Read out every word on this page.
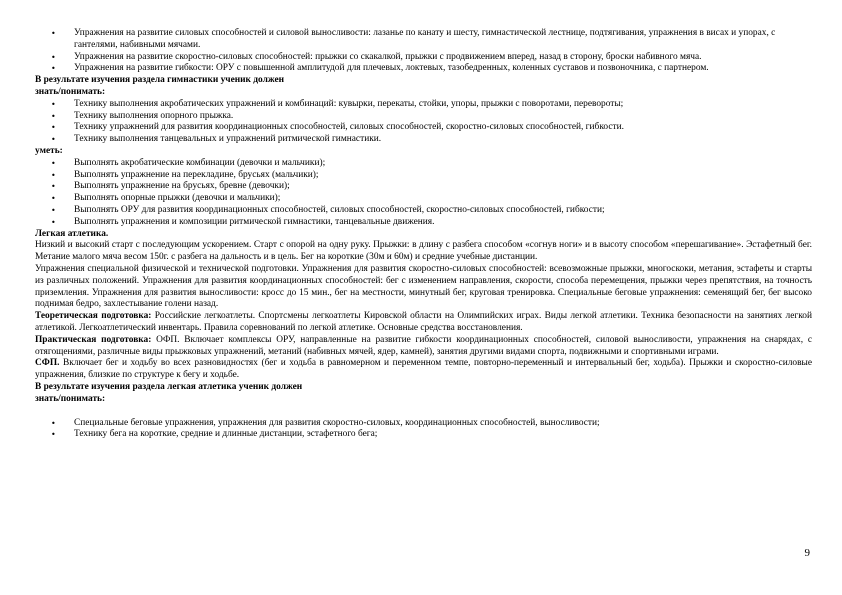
• Упражнения на развитие силовых способностей и силовой выносливости: лазанье по канату и шесту, гимнастической лестнице, подтягивания, упражнения в висах и упорах, с гантелями, набивными мячами.
• Упражнения на развитие скоростно-силовых способностей: прыжки со скакалкой, прыжки с продвижением вперед, назад в сторону, броски набивного мяча.
• Упражнения на развитие гибкости: ОРУ с повышенной амплитудой для плечевых, локтевых, тазобедренных, коленных суставов и позвоночника, с партнером.
В результате изучения раздела гимнастики ученик должен
знать/понимать:
• Технику выполнения акробатических упражнений и комбинаций: кувырки, перекаты, стойки, упоры, прыжки с поворотами, перевороты;
• Технику выполнения опорного прыжка.
• Технику упражнений для развития координационных способностей, силовых способностей, скоростно-силовых способностей, гибкости.
• Технику выполнения танцевальных и упражнений ритмической гимнастики.
уметь:
• Выполнять акробатические комбинации (девочки и мальчики);
• Выполнять упражнение на перекладине, брусьях (мальчики);
• Выполнять упражнение на брусьях, бревне (девочки);
• Выполнять опорные прыжки (девочки и мальчики);
• Выполнять ОРУ для развития координационных способностей, силовых способностей, скоростно-силовых способностей, гибкости;
• Выполнять упражнения и композиции ритмической гимнастики, танцевальные движения.
Легкая атлетика.

Низкий и высокий старт с последующим ускорением. Старт с опорой на одну руку. Прыжки: в длину с разбега способом «согнув ноги» и в высоту способом «перешагивание». Эстафетный бег. Метание малого мяча весом 150г. с разбега на дальность и в цель. Бег на короткие (30м и 60м) и средние учебные дистанции.

Упражнения специальной физической и технической подготовки. Упражнения для развития скоростно-силовых способностей: всевозможные прыжки, многоскоки, метания, эстафеты и старты из различных положений. Упражнения для развития координационных способностей: бег с изменением направления, скорости, способа перемещения, прыжки через препятствия, на точность приземления. Упражнения для развития выносливости: кросс до 15 мин., бег на местности, минутный бег, круговая тренировка. Специальные беговые упражнения: семенящий бег, бег высоко поднимая бедро, захлестывание голени назад.

Теоретическая подготовка: Российские легкоатлеты. Спортсмены легкоатлеты Кировской области на Олимпийских играх. Виды легкой атлетики. Техника безопасности на занятиях легкой атлетикой. Легкоатлетический инвентарь. Правила соревнований по легкой атлетике. Основные средства восстановления.

Практическая подготовка: ОФП. Включает комплексы ОРУ, направленные на развитие гибкости координационных способностей, силовой выносливости, упражнения на снарядах, с отягощениями, различные виды прыжковых упражнений, метаний (набивных мячей, ядер, камней), занятия другими видами спорта, подвижными и спортивными играми.

СФП. Включает бег и ходьбу во всех разновидностях (бег и ходьба в равномерном и переменном темпе, повторно-переменный и интервальный бег, ходьба). Прыжки и скоростно-силовые упражнения, близкие по структуре к бегу и ходьбе.

В результате изучения раздела легкая атлетика ученик должен
знать/понимать:
• Специальные беговые упражнения, упражнения для развития скоростно-силовых, координационных способностей, выносливости;
• Технику бега на короткие, средние и длинные дистанции, эстафетного бега;
9
